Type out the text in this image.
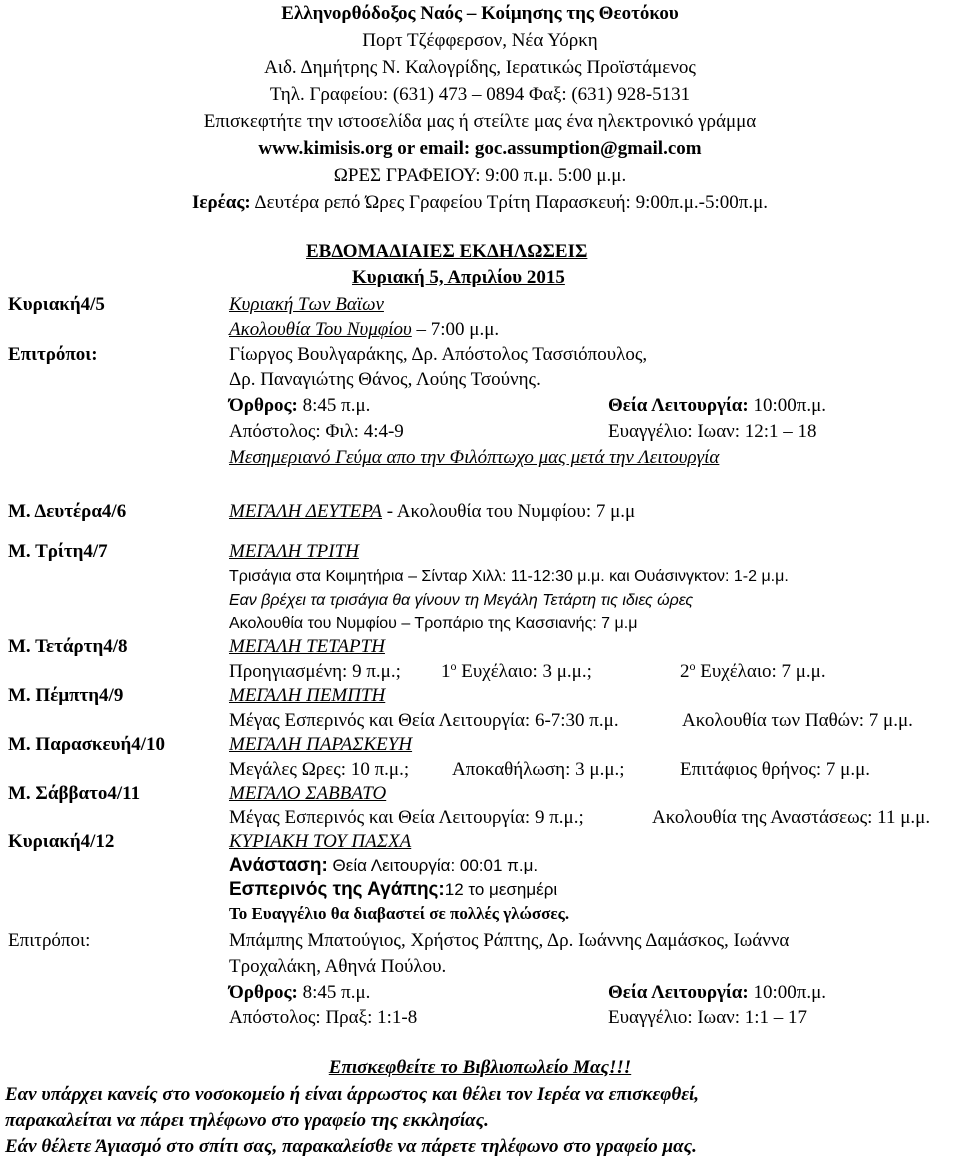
Ελληνορθόδοξος Ναός – Κοίμησης της Θεοτόκου
Πορτ Τζέφφερσον, Νέα Υόρκη
Αιδ. Δημήτρης Ν. Καλογρίδης, Ιερατικώς Προϊστάμενος
Τηλ. Γραφείου: (631) 473 – 0894 Φαξ: (631) 928-5131
Επισκεφτήτε την ιστοσελίδα μας ή στείλτε μας ένα ηλεκτρονικό γράμμα
www.kimisis.org or email: goc.assumption@gmail.com
ΩΡΕΣ ΓΡΑΦΕΙΟΥ: 9:00 π.μ. 5:00 μ.μ.
Ιερέας: Δευτέρα ρεπό Ώρες Γραφείου Τρίτη Παρασκευή: 9:00π.μ.-5:00π.μ.
ΕΒΔΟΜΑΔΙΑΙΕΣ ΕΚΔΗΛΩΣΕΙΣ
Κυριακή 5, Απριλίου 2015
Κυριακή4/5	Κυριακή Των Βαϊων
Ακολουθία Του Νυμφίου – 7:00 μ.μ.
Επιτρόποι:	Γίωργος Βουλγαράκης, Δρ. Απόστολος Τασσιόπουλος,
Δρ. Παναγιώτης Θάνος, Λούης Τσούνης.
Όρθρος: 8:45 π.μ.	Θεία Λειτουργία: 10:00π.μ.
Απόστολος: Φιλ: 4:4-9	Ευαγγέλιο: Ιωαν: 12:1 – 18
Μεσημεριανό Γεύμα απο την Φιλόπτωχο μας μετά την Λειτουργία
Μ. Δευτέρα4/6	ΜΕΓΑΛΗ ΔΕΥΤΕΡΑ - Ακολουθία του Νυμφίου: 7 μ.μ
Μ. Τρίτη4/7	ΜΕΓΑΛΗ ΤΡΙΤΗ
Τρισάγια στα Κοιμητήρια – Σίνταρ Χιλλ: 11-12:30 μ.μ. και Ουάσινγκτον: 1-2 μ.μ.
Εαν βρέχει τα τρισάγια θα γίνουν τη Μεγάλη Τετάρτη τις ιδιες ώρες
Ακολουθία του Νυμφίου – Τροπάριο της Κασσιανής: 7 μ.μ
Μ. Τετάρτη4/8	ΜΕΓΑΛΗ ΤΕΤΑΡΤΗ
Προηγιασμένη: 9 π.μ.; $1^o$ Ευχέλαιο: 3 μ.μ.;	$2^o$ Ευχέλαιο: 7 μ.μ.
Μ. Πέμπτη4/9	ΜΕΓΑΛΗ ΠΕΜΠΤΗ
Μέγας Εσπερινός και Θεία Λειτουργία: 6-7:30 π.μ.	Ακολουθία των Παθών: 7 μ.μ.
Μ. Παρασκευή4/10	ΜΕΓΑΛΗ ΠΑΡΑΣΚΕΥΗ
Μεγάλες Ωρες: 10 π.μ.; Αποκαθήλωση: 3 μ.μ.;	Επιτάφιος θρήνος: 7 μ.μ.
Μ. Σάββατο4/11	ΜΕΓΑΛΟ ΣΑΒΒΑΤΟ
Μέγας Εσπερινός και Θεία Λειτουργία: 9 π.μ.;	Ακολουθία της Αναστάσεως: 11 μ.μ.
Κυριακή4/12	ΚΥΡΙΑΚΗ ΤΟΥ ΠΑΣΧΑ
Ανάσταση: Θεία Λειτουργία: 00:01 π.μ.
Εσπερινός της Αγάπης:12 το μεσημέρι
Το Ευαγγέλιο θα διαβαστεί σε πολλές γλώσσες.
Επιτρόποι:	Μπάμπης Μπατούγιος, Χρήστος Ράπτης, Δρ. Ιωάννης Δαμάσκος, Ιωάννα
Τροχαλάκη, Αθηνά Πούλου.
Όρθρος: 8:45 π.μ.	Θεία Λειτουργία: 10:00π.μ.
Απόστολος: Πραξ: 1:1-8	Ευαγγέλιο: Ιωαν: 1:1 – 17
Επισκεφθείτε το Βιβλιοπωλείο Μας!!!
Εαν υπάρχει κανείς στο νοσοκομείο ή είναι άρρωστος και θέλει τον Ιερέα να επισκεφθεί,
παρακαλείται να πάρει τηλέφωνο στο γραφείο της εκκλησίας.
Εάν θέλετε Άγιασμό στο σπίτι σας, παρακαλείσθε να πάρετε τηλέφωνο στο γραφείο μας.
